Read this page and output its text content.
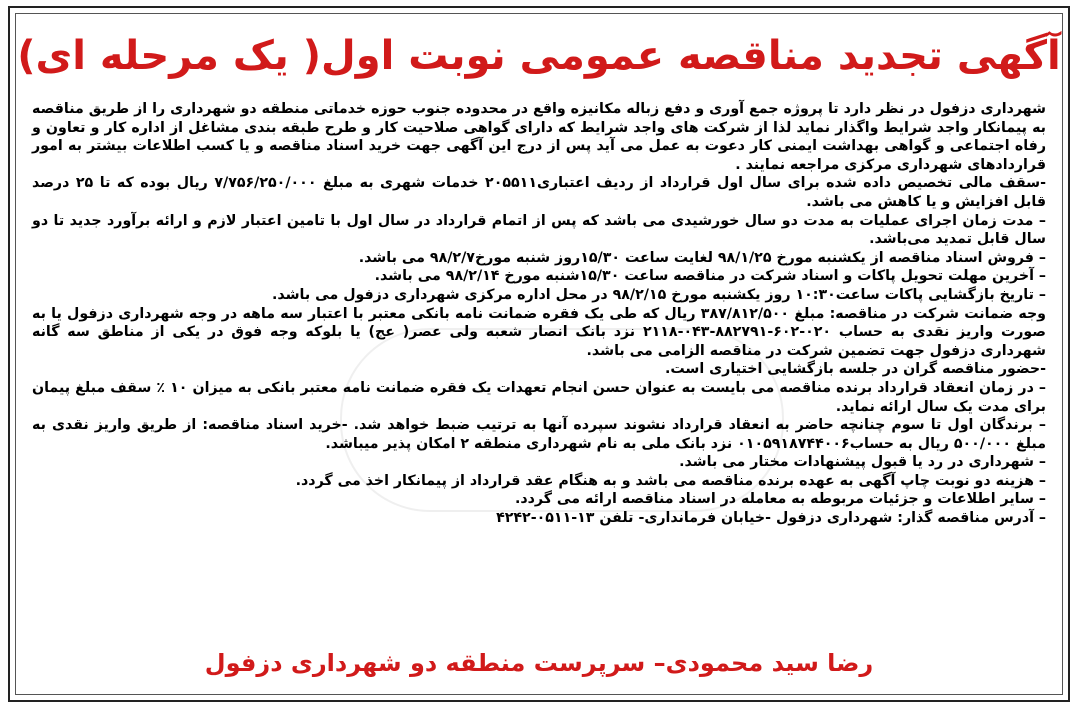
آگهی تجدید مناقصه عمومی نوبت اول( یک مرحله ای)

شهرداری دزفول در نظر دارد تا پروژه جمع آوری و دفع زباله مکانیزه واقع در محدوده جنوب حوزه خدماتی منطقه دو شهرداری را از طریق مناقصه به پیمانکار واجد شرایط واگذار نماید لذا از شرکت های واجد شرایط که دارای گواهی صلاحیت کار و طرح طبقه بندی مشاغل از اداره کار و تعاون و رفاه اجتماعی و گواهی بهداشت ایمنی کار دعوت به عمل می آید پس از درج این آگهی جهت خرید اسناد مناقصه و یا کسب اطلاعات بیشتر به امور قراردادهای شهرداری مرکزی مراجعه نمایند .

-سقف مالی تخصیص داده شده برای سال اول قرارداد از ردیف اعتباری۲۰۵۵۱۱ خدمات شهری به مبلغ ۷/۷۵۶/۲۵۰/۰۰۰ ریال بوده که تا ۲۵ درصد قابل افزایش و یا کاهش می باشد.

– مدت زمان اجرای عملیات به مدت دو سال خورشیدی می باشد که پس از اتمام قرارداد در سال اول با تامین اعتبار لازم و ارائه برآورد جدید تا دو سال قابل تمدید می‌باشد.

– فروش اسناد مناقصه از یکشنبه مورخ ۹۸/۱/۲۵ لغایت ساعت ۱۵/۳۰روز شنبه مورخ۹۸/۲/۷ می باشد.

– آخرین مهلت تحویل پاکات و اسناد شرکت در مناقصه ساعت ۱۵/۳۰شنبه مورخ ۹۸/۲/۱۴ می باشد.

– تاریخ بازگشایی پاکات ساعت۱۰:۳۰ روز یکشنبه مورخ ۹۸/۲/۱۵ در محل اداره مرکزی شهرداری دزفول می باشد.

وجه ضمانت شرکت در مناقصه: مبلغ ۳۸۷/۸۱۲/۵۰۰ ریال که طی یک فقره ضمانت نامه بانکی معتبر با اعتبار سه ماهه در وجه شهرداری دزفول یا به صورت واریز نقدی به حساب ۰۲۰-۶۰۲-۸۸۲۷۹۱-۰۴۳-۲۱۱۸ نزد بانک انصار شعبه ولی عصر( عج) یا بلوکه وجه فوق در یکی از مناطق سه گانه شهرداری دزفول جهت تضمین شرکت در مناقصه الزامی می باشد.

-حضور مناقصه گران در جلسه بازگشایی اختیاری است.

– در زمان انعقاد قرارداد برنده مناقصه می بایست به عنوان حسن انجام تعهدات یک فقره ضمانت نامه معتبر بانکی به میزان ۱۰ ٪ سقف مبلغ پیمان برای مدت یک سال ارائه نماید.

– برندگان اول تا سوم چنانچه حاضر به انعقاد قرارداد نشوند سپرده آنها به ترتیب ضبط خواهد شد. -خرید اسناد مناقصه: از طریق واریز نقدی به مبلغ ۵۰۰/۰۰۰ ریال به حساب۰۱۰۵۹۱۸۷۴۴۰۰۶ نزد بانک ملی به نام شهرداری منطقه ۲ امکان پذیر میباشد.

– شهرداری در رد یا قبول پیشنهادات مختار می باشد.

– هزینه دو نوبت چاپ آگهی به عهده برنده مناقصه می باشد و به هنگام عقد قرارداد از پیمانکار اخذ می گردد.

– سایر اطلاعات و جزئیات مربوطه به معامله در اسناد مناقصه ارائه می گردد.

– آدرس مناقصه گذار: شهرداری دزفول -خیابان فرمانداری- تلفن ۱۳-۰۵۱۱-۴۲۴۲

رضا سید محمودی– سرپرست منطقه دو شهرداری دزفول
